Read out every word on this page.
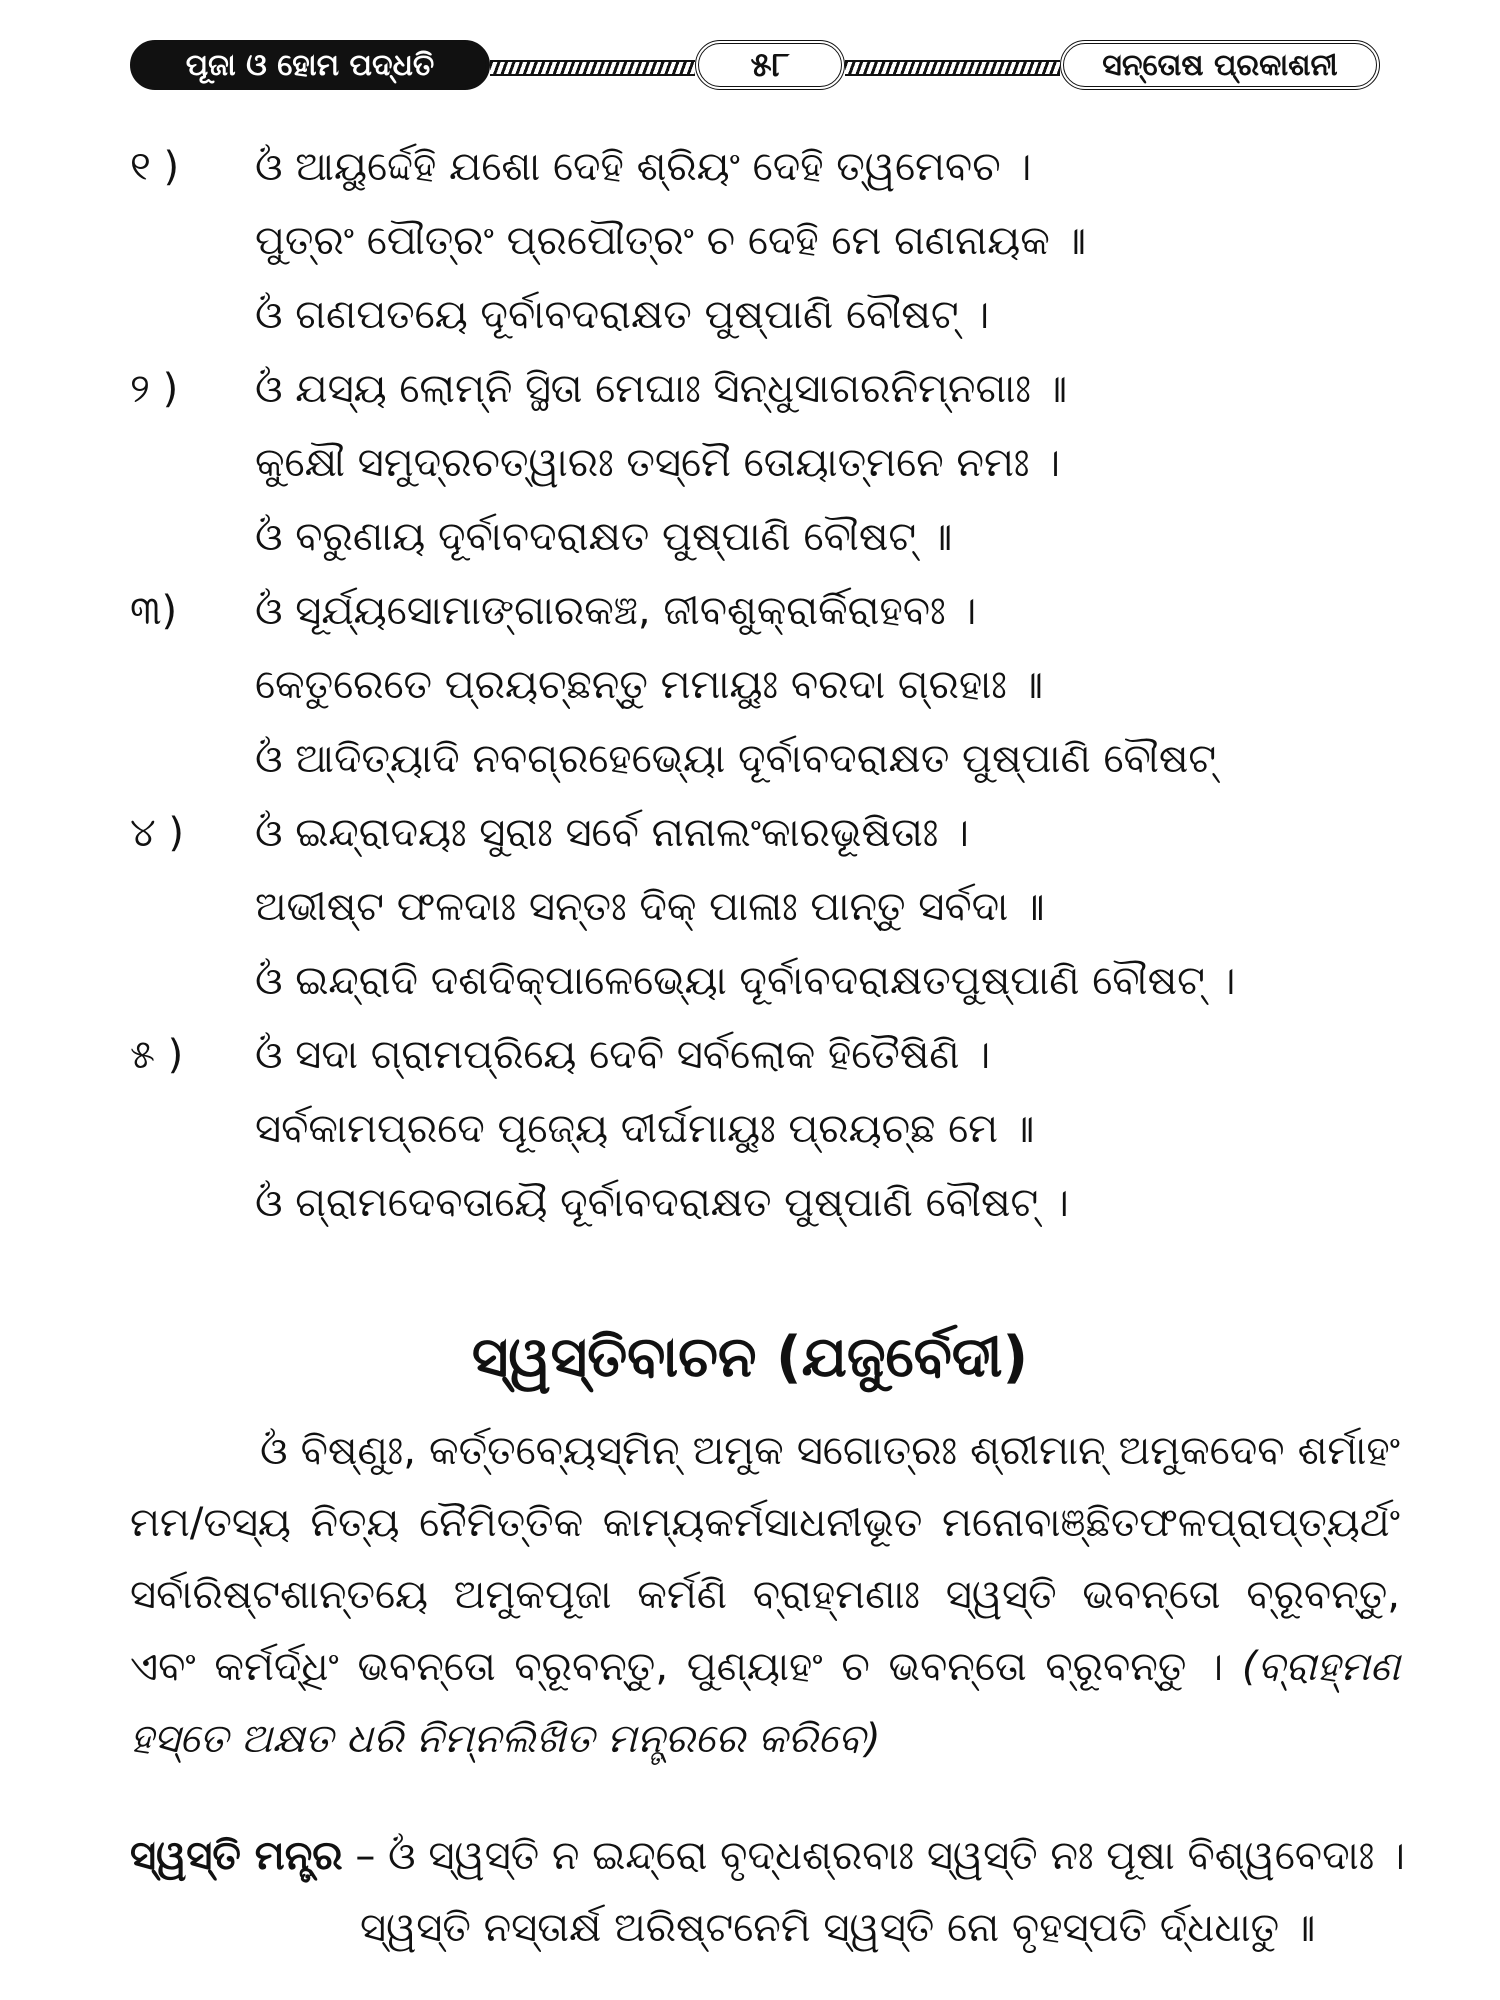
ପୂଜା ଓ ହୋମ ପଦ୍ଧତି	୫୮	ସନ୍ତୋଷ ପ୍ରକାଶନୀ
୧ )	ଓଁ ଆୟୁର୍ଦ୍ଦେହି ଯଶୋ ଦେହି ଶ୍ରିୟଂ ଦେହି ତ୍ୱମେବଚ ।
ପୁତ୍ରଂ ପୌତ୍ରଂ ପ୍ରପୌତ୍ରଂ ଚ ଦେହି ମେ ଗଣନାୟକ ॥
ଓଁ ଗଣପତୟେ ଦୂର୍ବାବଦରାକ୍ଷତ ପୁଷ୍ପାଣି ବୌଷଟ୍ ।
୨ )	ଓଁ ଯସ୍ୟ ଲୋମ୍ନି ସ୍ଥିତା ମେଘାଃ ସିନ୍ଧୁସାଗରନିମ୍ନଗାଃ ॥
କୁକ୍ଷୌ ସମୁଦ୍ରଚତ୍ୱାରଃ ତସ୍ମୈ ତୋୟାତ୍ମନେ ନମଃ ।
ଓଁ ବରୁଣାୟ ଦୂର୍ବାବଦରାକ୍ଷତ ପୁଷ୍ପାଣି ବୌଷଟ୍ ॥
୩)	ଓଁ ସୂର୍ଯ୍ୟସୋମାଙ୍ଗାରକଞ୍ଚ, ଜୀବଶୁକ୍ରାର୍କିରାହବଃ ।
କେତୁରେତେ ପ୍ରୟଚ୍ଛନ୍ତୁ ମମାୟୁଃ ବରଦା ଗ୍ରହାଃ ॥
ଓଁ ଆଦିତ୍ୟାଦି ନବଗ୍ରହେଭ୍ୟୋ ଦୂର୍ବାବଦରାକ୍ଷତ ପୁଷ୍ପାଣି ବୌଷଟ୍
୪ )	ଓଁ ଇନ୍ଦ୍ରାଦୟଃ ସୁରାଃ ସର୍ବେ ନାନାଲଂକାରଭୂଷିତାଃ ।
ଅଭୀଷ୍ଟ ଫଳଦାଃ ସନ୍ତଃ ଦିକ୍ ପାଳାଃ ପାନ୍ତୁ ସର୍ବଦା ॥
ଓଁ ଇନ୍ଦ୍ରାଦି ଦଶଦିକ୍‌ପାଳେଭ୍ୟୋ ଦୂର୍ବାବଦରାକ୍ଷତପୁଷ୍ପାଣି ବୌଷଟ୍ ।
୫ )	ଓଁ ସଦା ଗ୍ରାମପ୍ରିୟେ ଦେବି ସର୍ବଲୋକ ହିତୈଷିଣି ।
ସର୍ବକାମପ୍ରଦେ ପୂଜ୍ୟେ ଦୀର୍ଘମାୟୁଃ ପ୍ରୟଚ୍ଛ ମେ ॥
ଓଁ ଗ୍ରାମଦେବତାୟୈ ଦୂର୍ବାବଦରାକ୍ଷତ ପୁଷ୍ପାଣି ବୌଷଟ୍ ।
ସ୍ୱସ୍ତିବାଚନ (ଯଜୁର୍ବେଦୀ)
ଓଁ ବିଷ୍ଣୁଃ, କର୍ତ୍ତବ୍ୟେସ୍ମିନ୍ ଅମୁକ ସଗୋତ୍ରଃ ଶ୍ରୀମାନ୍ ଅମୁକଦେବ ଶର୍ମାହଂ ମମ/ତସ୍ୟ ନିତ୍ୟ ନୈମିତ୍ତିକ କାମ୍ୟକର୍ମସାଧନୀଭୂତ ମନୋବାଞ୍ଛିତଫଳପ୍ରାପ୍ତ୍ୟର୍ଥଂ ସର୍ବାରିଷ୍ଟଶାନ୍ତୟେ ଅମୁକପୂଜା କର୍ମଣି ବ୍ରାହ୍ମଣାଃ ସ୍ୱସ୍ତି ଭବନ୍ତୋ ବ୍ରୂବନ୍ତୁ, ଏବଂ କର୍ମର୍ଦ୍ଧିଂ ଭବନ୍ତୋ ବ୍ରୂବନ୍ତୁ, ପୁଣ୍ୟାହଂ ଚ ଭବନ୍ତୋ ବ୍ରୂବନ୍ତୁ । (ବ୍ରାହ୍ମଣ ହସ୍ତେ ଅକ୍ଷତ ଧରି ନିମ୍ନଲିଖିତ ମନ୍ତ୍ରରେ କରିବେ)
ସ୍ୱସ୍ତି ମନ୍ତ୍ର – ଓଁ ସ୍ୱସ୍ତି ନ ଇନ୍ଦ୍ରୋ ବୃଦ୍ଧଶ୍ରବାଃ ସ୍ୱସ୍ତି ନଃ ପୂଷା ବିଶ୍ୱବେଦାଃ ।
ସ୍ୱସ୍ତି ନସ୍ତାର୍କ୍ଷ ଅରିଷ୍ଟନେମି ସ୍ୱସ୍ତି ନୋ ବୃହସ୍ପତି ର୍ଦ୍ଧଧାତୁ ॥
